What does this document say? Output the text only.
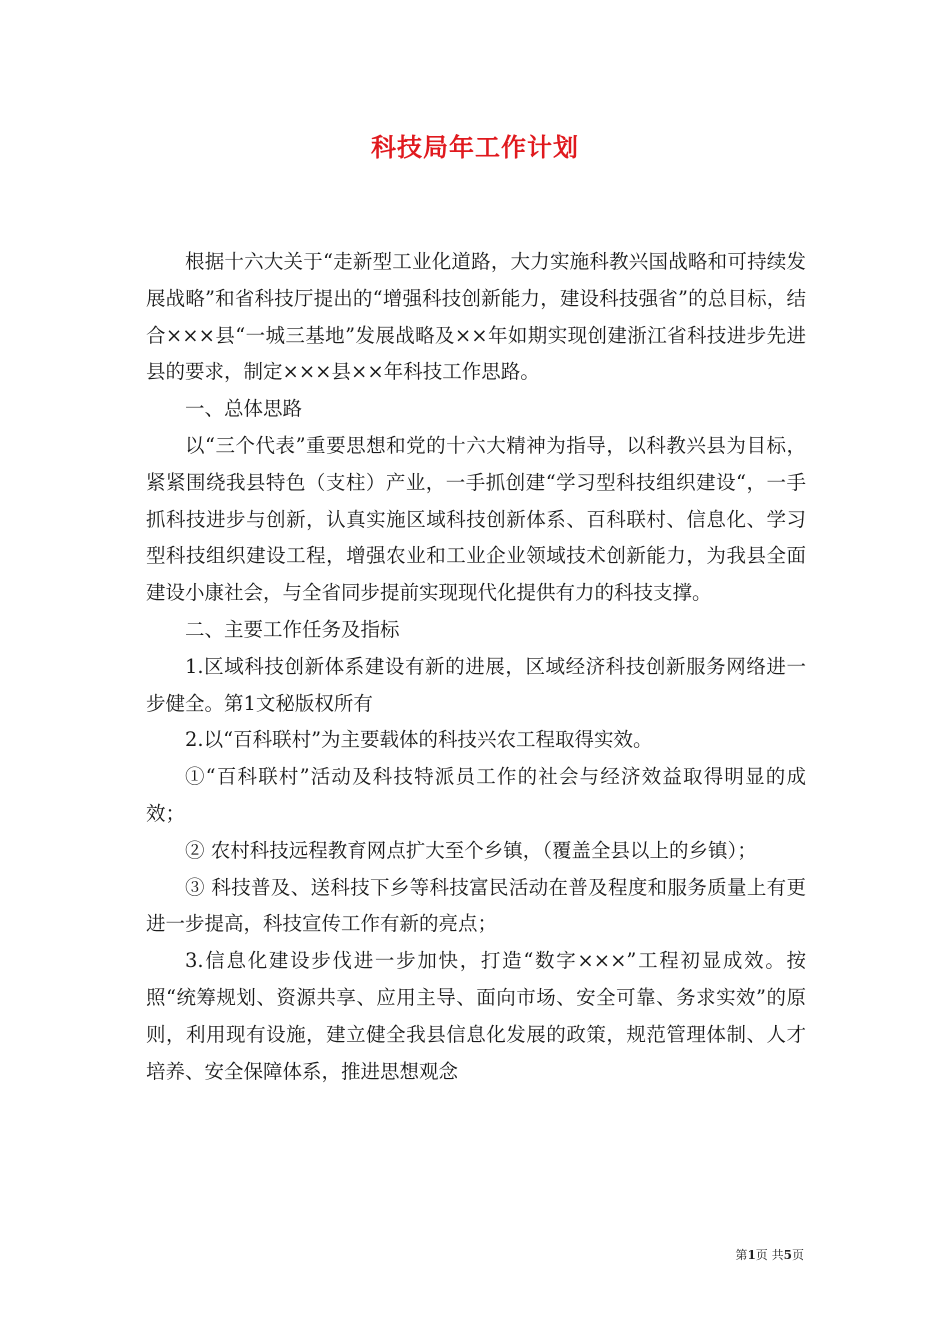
科技局年工作计划

根据十六大关于“走新型工业化道路，大力实施科教兴国战略和可持续发展战略”和省科技厅提出的“增强科技创新能力，建设科技强省”的总目标，结合×××县“一城三基地”发展战略及××年如期实现创建浙江省科技进步先进县的要求，制定×××县××年科技工作思路。

一、总体思路

以“三个代表”重要思想和党的十六大精神为指导，以科教兴县为目标，紧紧围绕我县特色（支柱）产业，一手抓创建“学习型科技组织建设“，一手抓科技进步与创新，认真实施区域科技创新体系、百科联村、信息化、学习型科技组织建设工程，增强农业和工业企业领域技术创新能力，为我县全面建设小康社会，与全省同步提前实现现代化提供有力的科技支撑。

二、主要工作任务及指标

1.区域科技创新体系建设有新的进展，区域经济科技创新服务网络进一步健全。第1文秘版权所有

2.以“百科联村”为主要载体的科技兴农工程取得实效。

①“百科联村”活动及科技特派员工作的社会与经济效益取得明显的成效；

② 农村科技远程教育网点扩大至个乡镇，（覆盖全县以上的乡镇）；

③ 科技普及、送科技下乡等科技富民活动在普及程度和服务质量上有更进一步提高，科技宣传工作有新的亮点；

3.信息化建设步伐进一步加快，打造“数字×××”工程初显成效。按照“统筹规划、资源共享、应用主导、面向市场、安全可靠、务求实效”的原则，利用现有设施，建立健全我县信息化发展的政策，规范管理体制、人才培养、安全保障体系，推进思想观念

第1页 共5页
